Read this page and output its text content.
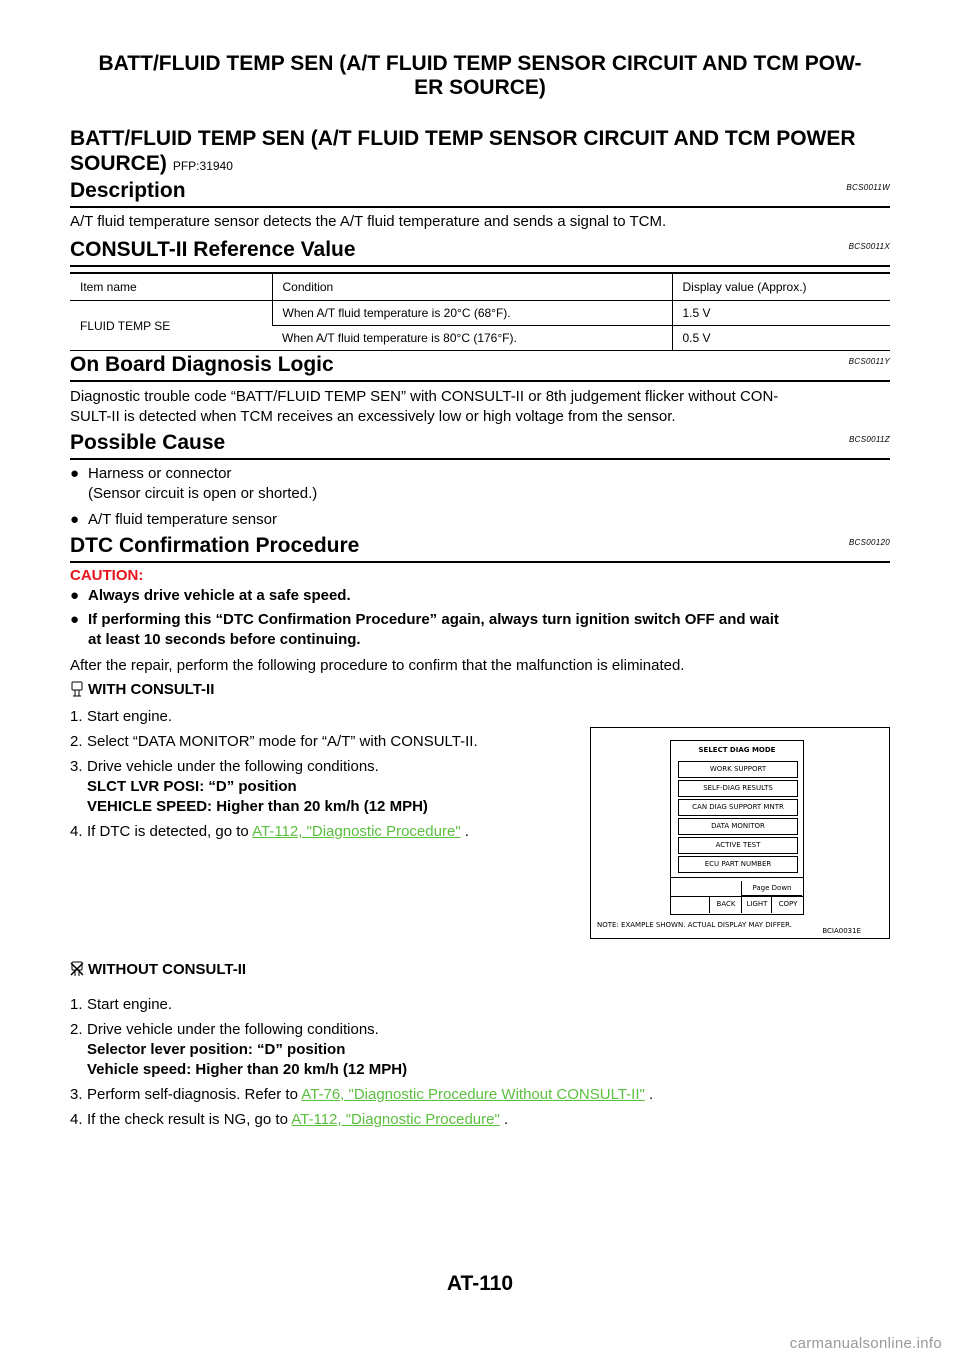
BATT/FLUID TEMP SEN (A/T FLUID TEMP SENSOR CIRCUIT AND TCM POW-
ER SOURCE)
BATT/FLUID TEMP SEN (A/T FLUID TEMP SENSOR CIRCUIT AND TCM POWER
SOURCE) PFP:31940
Description	BCS0011W
A/T fluid temperature sensor detects the A/T fluid temperature and sends a signal to TCM.
CONSULT-II Reference Value	BCS0011X
Item name	Condition	Display value (Approx.)
FLUID TEMP SE	When A/T fluid temperature is 20°C (68°F).	1.5 V
	When A/T fluid temperature is 80°C (176°F).	0.5 V
On Board Diagnosis Logic	BCS0011Y
Diagnostic trouble code “BATT/FLUID TEMP SEN” with CONSULT-II or 8th judgement flicker without CON-
SULT-II is detected when TCM receives an excessively low or high voltage from the sensor.
Possible Cause	BCS0011Z
● Harness or connector
(Sensor circuit is open or shorted.)
● A/T fluid temperature sensor
DTC Confirmation Procedure	BCS00120
CAUTION:
● Always drive vehicle at a safe speed.
● If performing this “DTC Confirmation Procedure” again, always turn ignition switch OFF and wait
at least 10 seconds before continuing.
After the repair, perform the following procedure to confirm that the malfunction is eliminated.
WITH CONSULT-II
1. Start engine.
2. Select “DATA MONITOR” mode for “A/T” with CONSULT-II.
3. Drive vehicle under the following conditions.
SLCT LVR POSI: “D” position
VEHICLE SPEED: Higher than 20 km/h (12 MPH)
4. If DTC is detected, go to AT-112, "Diagnostic Procedure" .
SELECT DIAG MODE
WORK SUPPORT
SELF-DIAG RESULTS
CAN DIAG SUPPORT MNTR
DATA MONITOR
ACTIVE TEST
ECU PART NUMBER
Page Down
BACK	LIGHT	COPY
NOTE: EXAMPLE SHOWN. ACTUAL DISPLAY MAY DIFFER.
BCIA0031E
WITHOUT CONSULT-II
1. Start engine.
2. Drive vehicle under the following conditions.
Selector lever position: “D” position
Vehicle speed: Higher than 20 km/h (12 MPH)
3. Perform self-diagnosis. Refer to AT-76, "Diagnostic Procedure Without CONSULT-II" .
4. If the check result is NG, go to AT-112, "Diagnostic Procedure" .
AT-110
carmanualsonline.info
